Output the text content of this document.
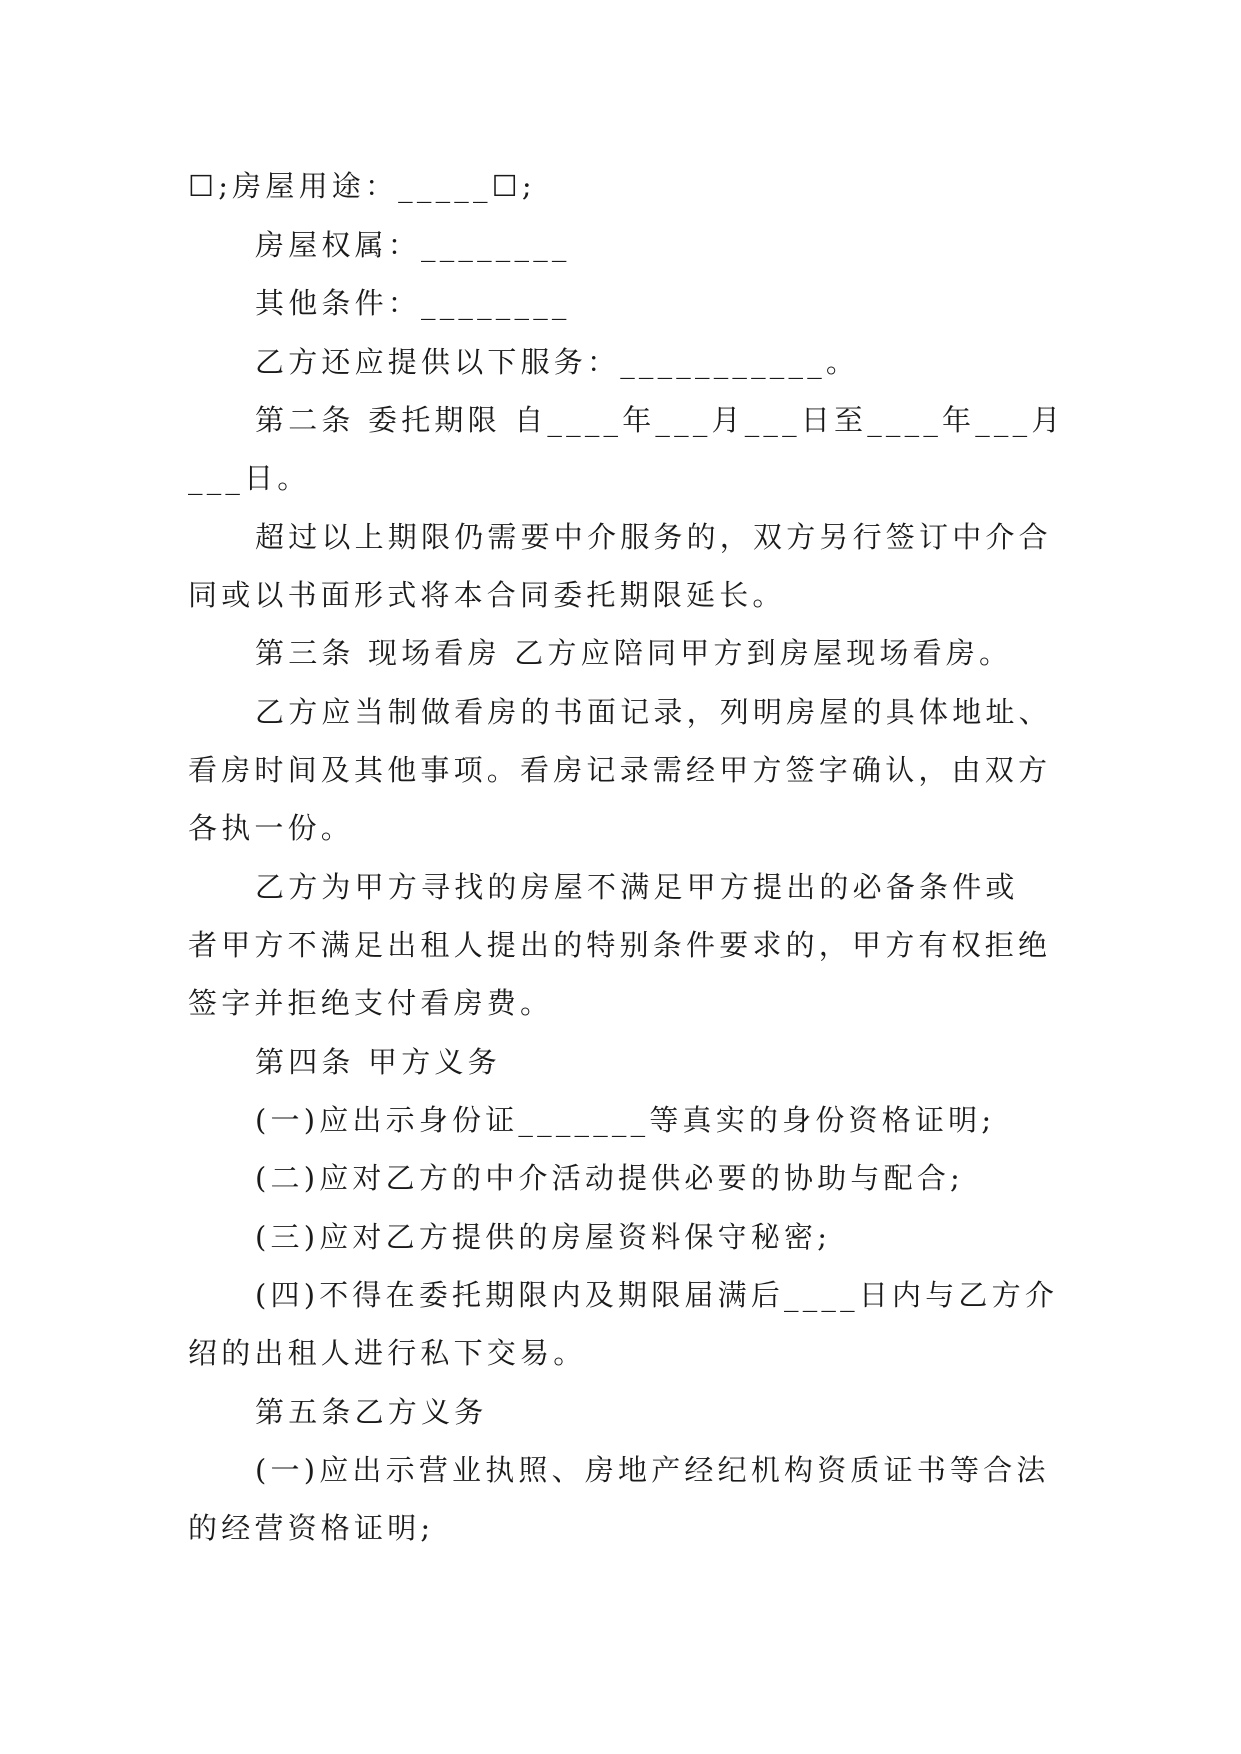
☐;房屋用途：_____☐;
房屋权属：________
其他条件：________
乙方还应提供以下服务：___________。
第二条 委托期限 自____年___月___日至____年___月
___日。
超过以上期限仍需要中介服务的，双方另行签订中介合
同或以书面形式将本合同委托期限延长。
第三条 现场看房 乙方应陪同甲方到房屋现场看房。
乙方应当制做看房的书面记录，列明房屋的具体地址、
看房时间及其他事项。看房记录需经甲方签字确认，由双方
各执一份。
乙方为甲方寻找的房屋不满足甲方提出的必备条件或
者甲方不满足出租人提出的特别条件要求的，甲方有权拒绝
签字并拒绝支付看房费。
第四条 甲方义务
(一)应出示身份证_______等真实的身份资格证明;
(二)应对乙方的中介活动提供必要的协助与配合;
(三)应对乙方提供的房屋资料保守秘密;
(四)不得在委托期限内及期限届满后____日内与乙方介
绍的出租人进行私下交易。
第五条乙方义务
(一)应出示营业执照、房地产经纪机构资质证书等合法
的经营资格证明;
